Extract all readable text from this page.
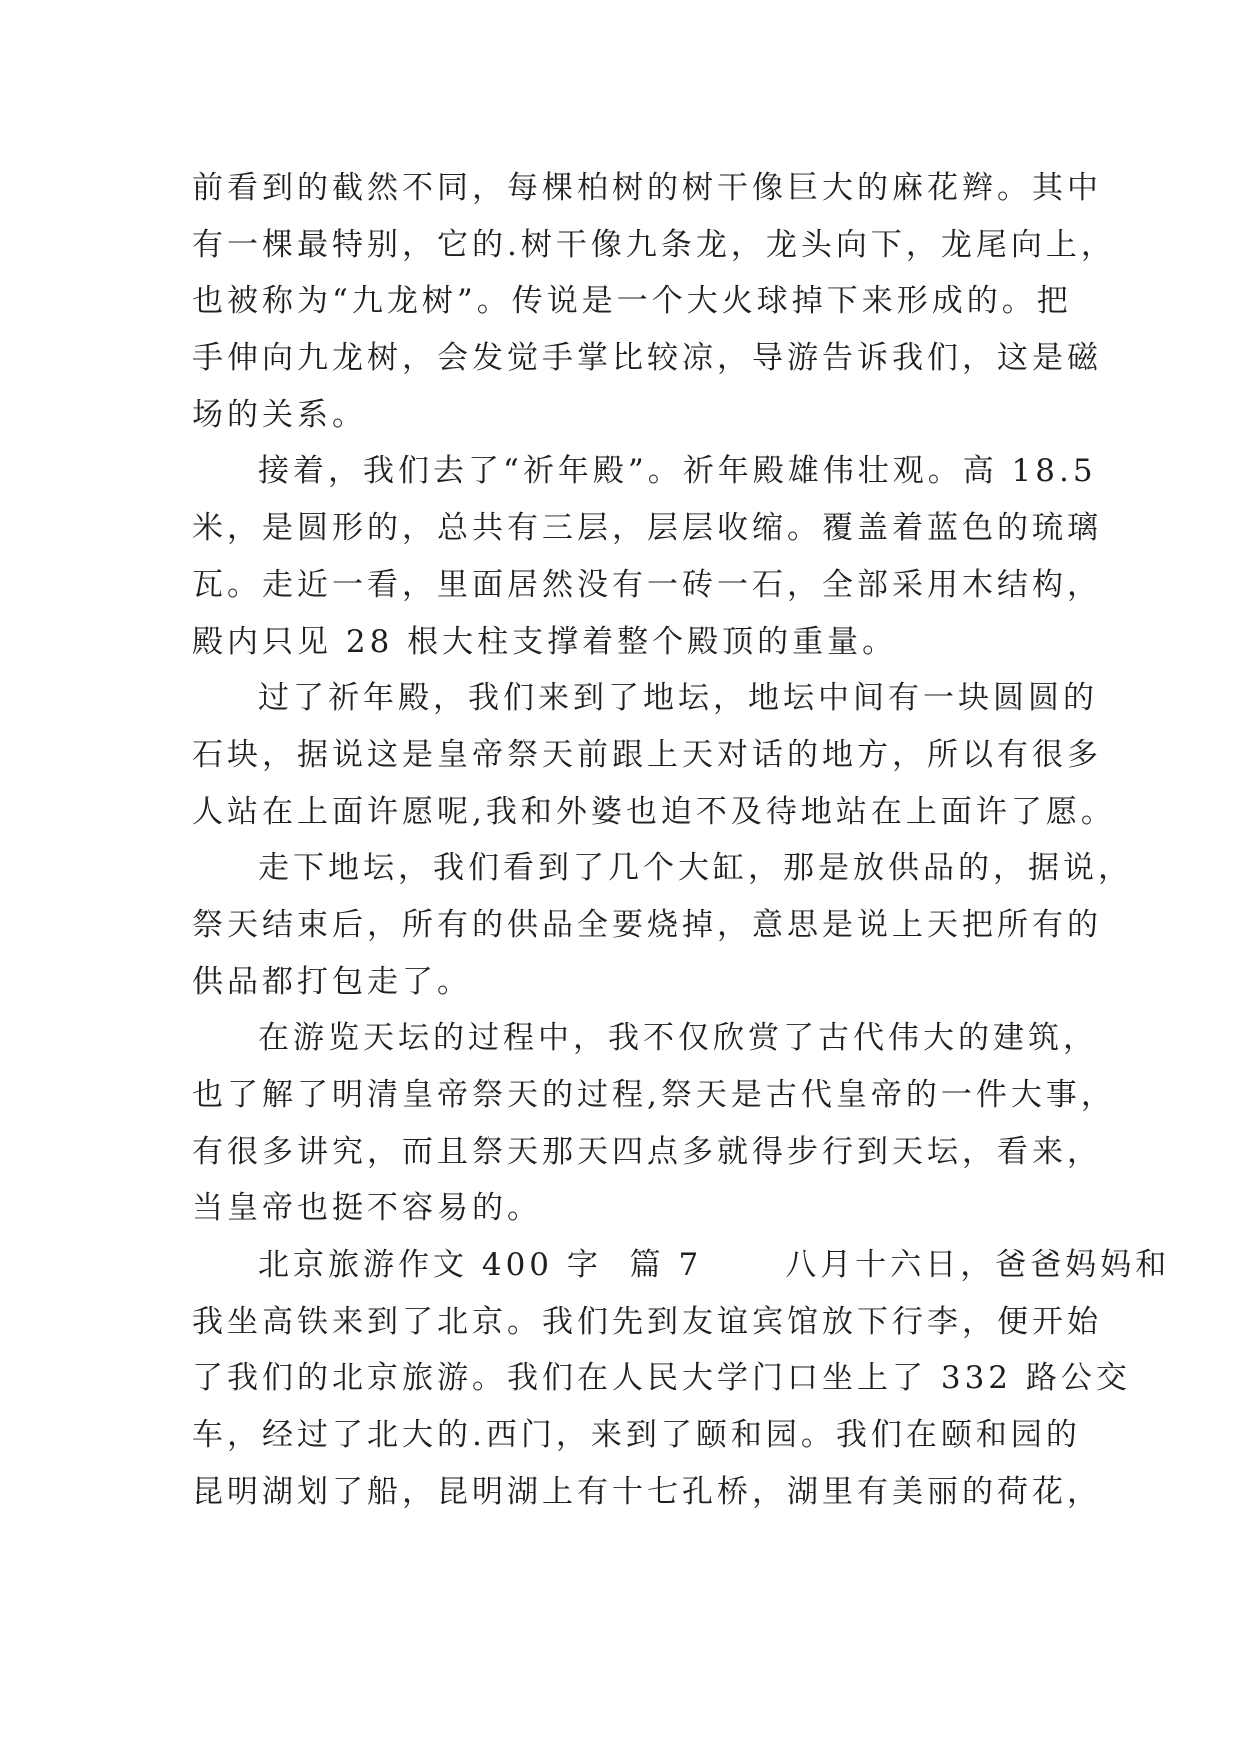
前看到的截然不同，每棵柏树的树干像巨大的麻花辫。其中
有一棵最特别，它的.树干像九条龙，龙头向下，龙尾向上，
也被称为“九龙树”。传说是一个大火球掉下来形成的。把
手伸向九龙树，会发觉手掌比较凉，导游告诉我们，这是磁
场的关系。
接着，我们去了“祈年殿”。祈年殿雄伟壮观。高 18.5
米，是圆形的，总共有三层，层层收缩。覆盖着蓝色的琉璃
瓦。走近一看，里面居然没有一砖一石，全部采用木结构，
殿内只见 28 根大柱支撑着整个殿顶的重量。
过了祈年殿，我们来到了地坛，地坛中间有一块圆圆的
石块，据说这是皇帝祭天前跟上天对话的地方，所以有很多
人站在上面许愿呢,我和外婆也迫不及待地站在上面许了愿。
走下地坛，我们看到了几个大缸，那是放供品的，据说，
祭天结束后，所有的供品全要烧掉，意思是说上天把所有的
供品都打包走了。
在游览天坛的过程中，我不仅欣赏了古代伟大的建筑，
也了解了明清皇帝祭天的过程,祭天是古代皇帝的一件大事，
有很多讲究，而且祭天那天四点多就得步行到天坛，看来，
当皇帝也挺不容易的。
北京旅游作文 400 字  篇 7      八月十六日，爸爸妈妈和
我坐高铁来到了北京。我们先到友谊宾馆放下行李，便开始
了我们的北京旅游。我们在人民大学门口坐上了 332 路公交
车，经过了北大的.西门，来到了颐和园。我们在颐和园的
昆明湖划了船，昆明湖上有十七孔桥，湖里有美丽的荷花，
